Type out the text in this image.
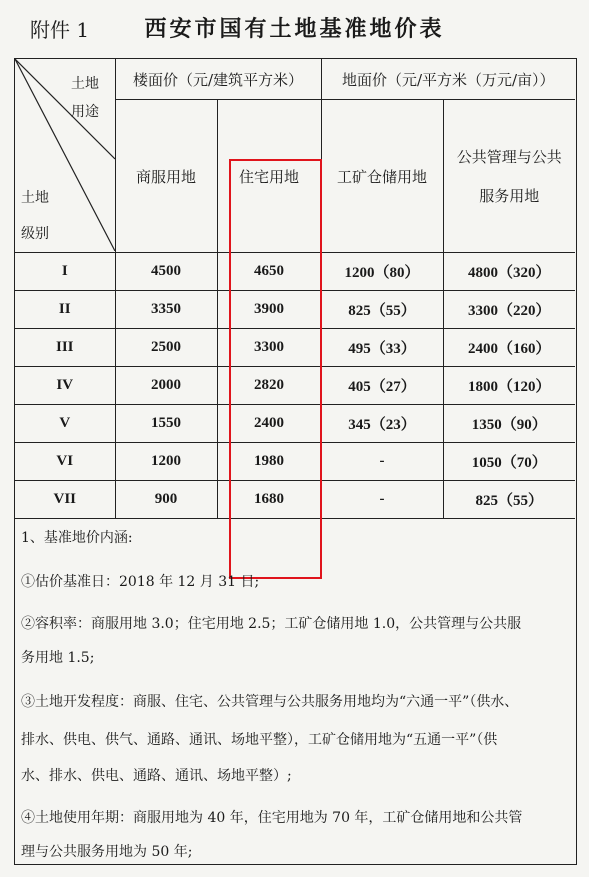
附件 1	西安市国有土地基准地价表
土地
用途
土地
级别	楼面价（元/建筑平方米）		地面价（元/平方米（万元/亩））	
	商服用地	住宅用地	工矿仓储用地	公共管理与公共
服务用地

I	4500	4650	1200（80）	4800（320）
II	3350	3900	825（55）	3300（220）
III	2500	3300	495（33）	2400（160）
IV	2000	2820	405（27）	1800（120）
V	1550	2400	345（23）	1350（90）
VI	1200	1980	-	1050（70）
VII	900	1680	-	825（55）
1、基准地价内涵:
①估价基准日：2018 年 12 月 31 日;
②容积率：商服用地 3.0；住宅用地 2.5；工矿仓储用地 1.0，公共管理与公共服
务用地 1.5;
③土地开发程度：商服、住宅、公共管理与公共服务用地均为“六通一平”（供水、
排水、供电、供气、通路、通讯、场地平整），工矿仓储用地为“五通一平”（供
水、排水、供电、通路、通讯、场地平整）;
④土地使用年期：商服用地为 40 年，住宅用地为 70 年，工矿仓储用地和公共管
理与公共服务用地为 50 年;
